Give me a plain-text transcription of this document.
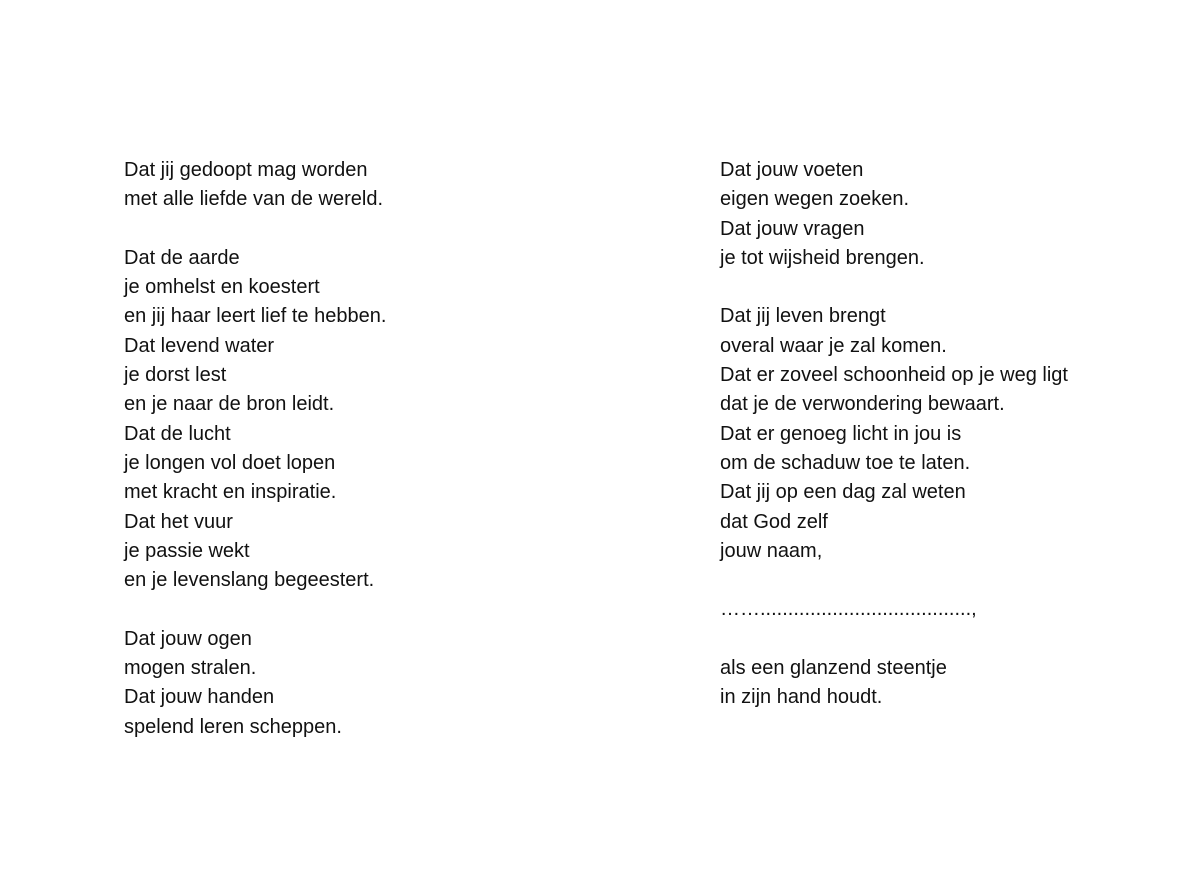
Dat jij gedoopt mag worden
met alle liefde van de wereld.
Dat de aarde
je omhelst en koestert
en jij haar leert lief te hebben.
Dat levend water
je dorst lest
en je naar de bron leidt.
Dat de lucht
je longen vol doet lopen
met kracht en inspiratie.
Dat het vuur
je passie wekt
en je levenslang begeestert.
Dat jouw ogen
mogen stralen.
Dat jouw handen
spelend leren scheppen.
Dat jouw voeten
eigen wegen zoeken.
Dat jouw vragen
je tot wijsheid brengen.
Dat jij leven brengt
overal waar je zal komen.
Dat er zoveel schoonheid op je weg ligt
dat je de verwondering bewaart.
Dat er genoeg licht in jou is
om de schaduw toe te laten.
Dat jij op een dag zal weten
dat God zelf
jouw naam,
……......................................,
als een glanzend steentje
in zijn hand houdt.
